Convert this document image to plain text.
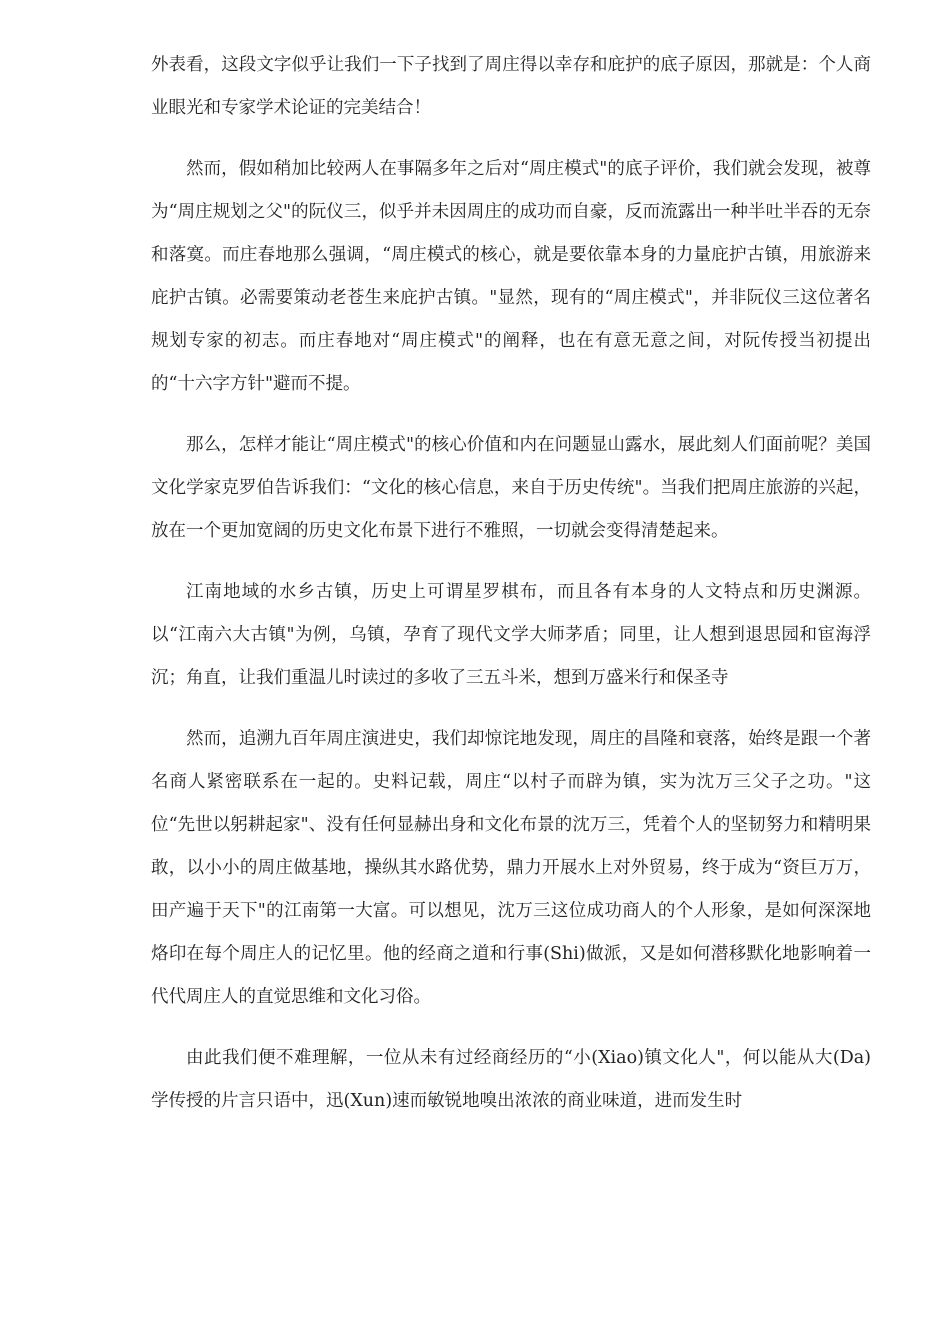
外表看，这段文字似乎让我们一下子找到了周庄得以幸存和庇护的底子原因，那就是：个人商业眼光和专家学术论证的完美结合！

然而，假如稍加比较两人在事隔多年之后对“周庄模式"的底子评价，我们就会发现，被尊为“周庄规划之父"的阮仪三，似乎并未因周庄的成功而自豪，反而流露出一种半吐半吞的无奈和落寞。而庄春地那么强调，“周庄模式的核心，就是要依靠本身的力量庇护古镇，用旅游来庇护古镇。必需要策动老苍生来庇护古镇。"显然，现有的“周庄模式"，并非阮仪三这位著名规划专家的初志。而庄春地对“周庄模式"的阐释，也在有意无意之间，对阮传授当初提出的“十六字方针"避而不提。

那么，怎样才能让“周庄模式"的核心价值和内在问题显山露水，展此刻人们面前呢？美国文化学家克罗伯告诉我们：“文化的核心信息，来自于历史传统"。当我们把周庄旅游的兴起，放在一个更加宽阔的历史文化布景下进行不雅照，一切就会变得清楚起来。

江南地域的水乡古镇，历史上可谓星罗棋布，而且各有本身的人文特点和历史渊源。以“江南六大古镇"为例，乌镇，孕育了现代文学大师茅盾；同里，让人想到退思园和宦海浮沉；角直，让我们重温儿时读过的多收了三五斗米，想到万盛米行和保圣寺

然而，追溯九百年周庄演进史，我们却惊诧地发现，周庄的昌隆和衰落，始终是跟一个著名商人紧密联系在一起的。史料记载，周庄“以村子而辟为镇，实为沈万三父子之功。"这位“先世以躬耕起家"、没有任何显赫出身和文化布景的沈万三，凭着个人的坚韧努力和精明果敢，以小小的周庄做基地，操纵其水路优势，鼎力开展水上对外贸易，终于成为“资巨万万，田产遍于天下"的江南第一大富。可以想见，沈万三这位成功商人的个人形象，是如何深深地烙印在每个周庄人的记忆里。他的经商之道和行事(Shi)做派，又是如何潜移默化地影响着一代代周庄人的直觉思维和文化习俗。

由此我们便不难理解，一位从未有过经商经历的“小(Xiao)镇文化人"，何以能从大(Da)学传授的片言只语中，迅(Xun)速而敏锐地嗅出浓浓的商业味道，进而发生时
